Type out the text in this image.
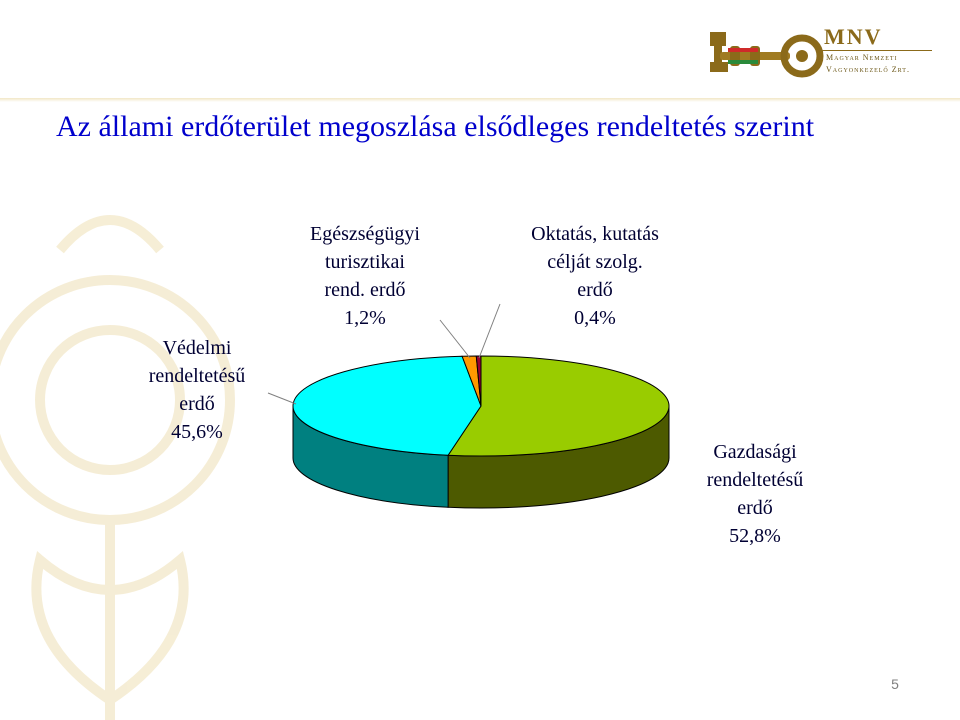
MNV
Magyar Nemzeti
Vagyonkezelő Zrt.
Az állami erdőterület megoszlása elsődleges rendeltetés szerint
Gazdasági
rendeltetésű
erdő
52,8%
Védelmi
rendeltetésű
erdő
45,6%
Egészségügyi
turisztikai
rend. erdő
1,2%
Oktatás, kutatás
célját szolg.
erdő
0,4%
5
